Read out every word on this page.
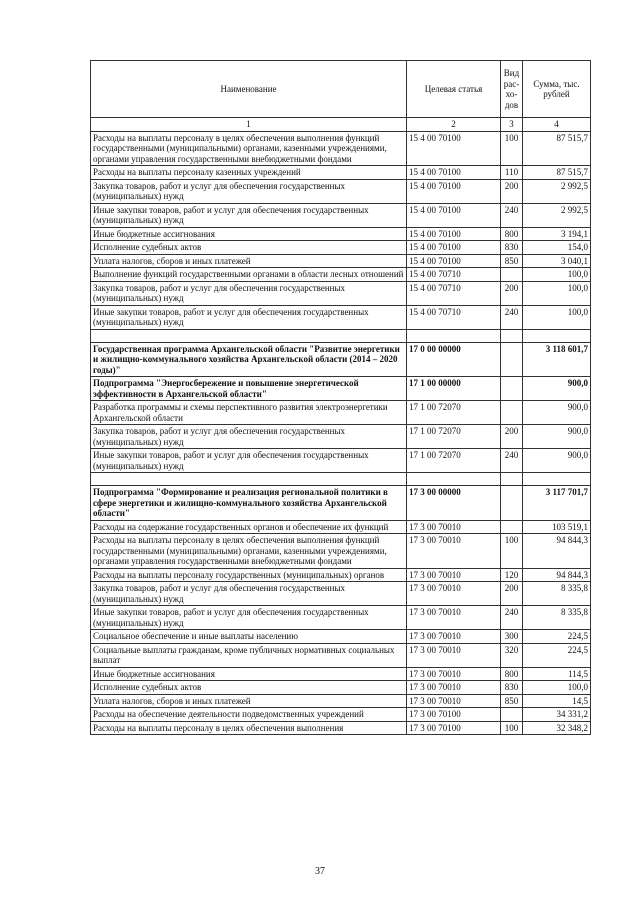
Наименование	Целевая статья	Вид рас-хо-дов	Сумма, тыс. рублей
1	2	3	4
Расходы на выплаты персоналу в целях обеспечения выполнения функций государственными (муниципальными) органами, казенными учреждениями, органами управления государственными внебюджетными фондами	15 4 00 70100	100	87 515,7
Расходы на выплаты персоналу казенных учреждений	15 4 00 70100	110	87 515,7
Закупка товаров, работ и услуг для обеспечения государственных (муниципальных) нужд	15 4 00 70100	200	2 992,5
Иные закупки товаров, работ и услуг для обеспечения государственных (муниципальных) нужд	15 4 00 70100	240	2 992,5
Иные бюджетные ассигнования	15 4 00 70100	800	3 194,1
Исполнение судебных актов	15 4 00 70100	830	154,0
Уплата налогов, сборов и иных платежей	15 4 00 70100	850	3 040,1
Выполнение функций государственными органами в области лесных отношений	15 4 00 70710		100,0
Закупка товаров, работ и услуг для обеспечения государственных (муниципальных) нужд	15 4 00 70710	200	100,0
Иные закупки товаров, работ и услуг для обеспечения государственных (муниципальных) нужд	15 4 00 70710	240	100,0

Государственная программа Архангельской области "Развитие энергетики и жилищно-коммунального хозяйства Архангельской области (2014 – 2020 годы)"	17 0 00 00000		3 118 601,7
Подпрограмма "Энергосбережение и повышение энергетической эффективности в Архангельской области"	17 1 00 00000		900,0
Разработка программы и схемы перспективного развития электроэнергетики Архангельской области	17 1 00 72070		900,0
Закупка товаров, работ и услуг для обеспечения государственных (муниципальных) нужд	17 1 00 72070	200	900,0
Иные закупки товаров, работ и услуг для обеспечения государственных (муниципальных) нужд	17 1 00 72070	240	900,0

Подпрограмма "Формирование и реализация региональной политики в сфере энергетики и жилищно-коммунального хозяйства Архангельской области"	17 3 00 00000		3 117 701,7
Расходы на содержание государственных органов и обеспечение их функций	17 3 00 70010		103 519,1
Расходы на выплаты персоналу в целях обеспечения выполнения функций государственными (муниципальными) органами, казенными учреждениями, органами управления государственными внебюджетными фондами	17 3 00 70010	100	94 844,3
Расходы на выплаты персоналу государственных (муниципальных) органов	17 3 00 70010	120	94 844,3
Закупка товаров, работ и услуг для обеспечения государственных (муниципальных) нужд	17 3 00 70010	200	8 335,8
Иные закупки товаров, работ и услуг для обеспечения государственных (муниципальных) нужд	17 3 00 70010	240	8 335,8
Социальное обеспечение и иные выплаты населению	17 3 00 70010	300	224,5
Социальные выплаты гражданам, кроме публичных нормативных социальных выплат	17 3 00 70010	320	224,5
Иные бюджетные ассигнования	17 3 00 70010	800	114,5
Исполнение судебных актов	17 3 00 70010	830	100,0
Уплата налогов, сборов и иных платежей	17 3 00 70010	850	14,5
Расходы на обеспечение деятельности подведомственных учреждений	17 3 00 70100		34 331,2
Расходы на выплаты персоналу в целях обеспечения выполнения	17 3 00 70100	100	32 348,2
37
